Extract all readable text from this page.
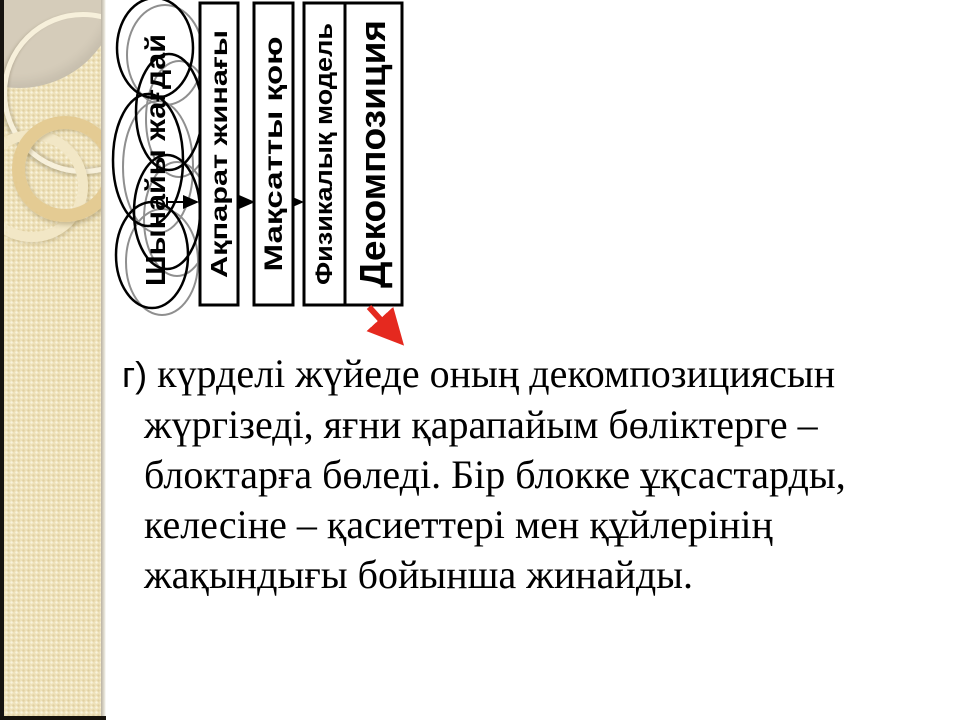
Шынайы жағдай Ақпарат жинағы Мақсатты қою Физикалық модель Декомпозиция

г) күрделі жүйеде оның декомпозициясын жүргізеді, яғни қарапайым бөліктерге – блоктарға бөледі. Бір блокке ұқсастарды, келесіне – қасиеттері мен құйлерінің жақындығы бойынша жинайды.
